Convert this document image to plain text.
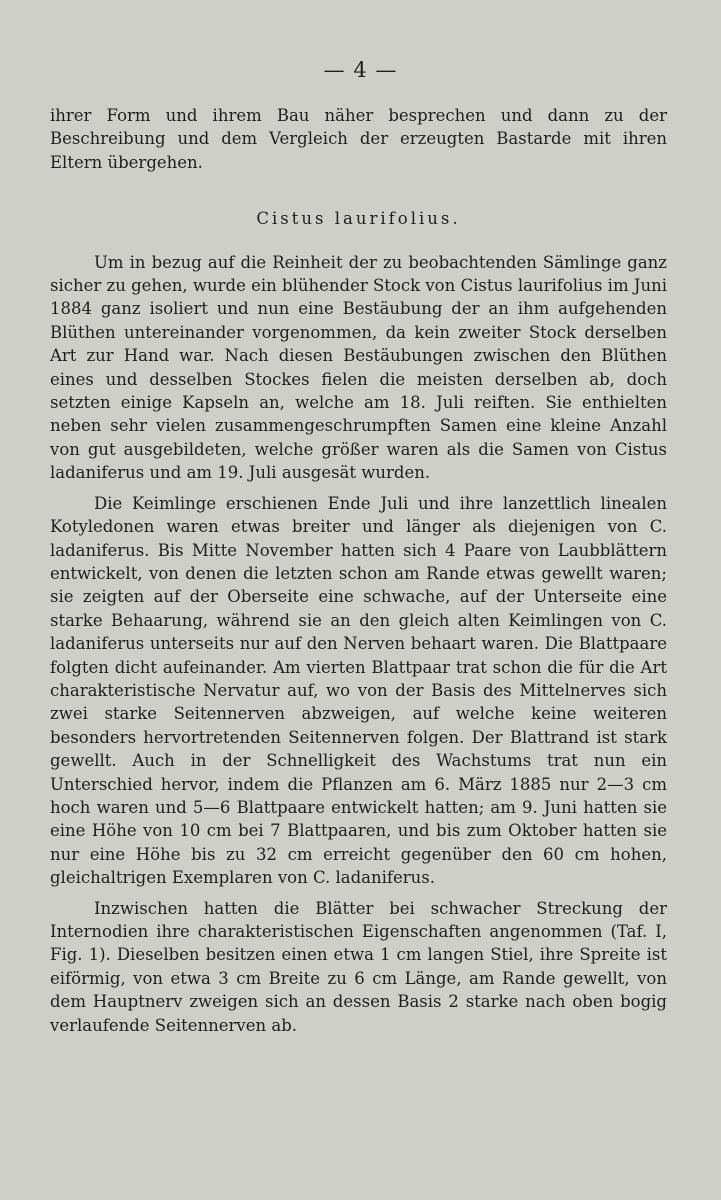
— 4 —

ihrer Form und ihrem Bau näher besprechen und dann zu der Beschreibung und dem Vergleich der erzeugten Bastarde mit ihren Eltern übergehen.

Cistus laurifolius.

Um in bezug auf die Reinheit der zu beobachtenden Sämlinge ganz sicher zu gehen, wurde ein blühender Stock von Cistus laurifolius im Juni 1884 ganz isoliert und nun eine Bestäubung der an ihm aufgehenden Blüthen untereinander vorgenommen, da kein zweiter Stock derselben Art zur Hand war. Nach diesen Bestäubungen zwischen den Blüthen eines und desselben Stockes fielen die meisten derselben ab, doch setzten einige Kapseln an, welche am 18. Juli reiften. Sie enthielten neben sehr vielen zusammengeschrumpften Samen eine kleine Anzahl von gut ausgebildeten, welche größer waren als die Samen von Cistus ladaniferus und am 19. Juli ausgesät wurden.

Die Keimlinge erschienen Ende Juli und ihre lanzettlich linealen Kotyledonen waren etwas breiter und länger als diejenigen von C. ladaniferus. Bis Mitte November hatten sich 4 Paare von Laubblättern entwickelt, von denen die letzten schon am Rande etwas gewellt waren; sie zeigten auf der Oberseite eine schwache, auf der Unterseite eine starke Behaarung, während sie an den gleich alten Keimlingen von C. ladaniferus unterseits nur auf den Nerven behaart waren. Die Blattpaare folgten dicht aufeinander. Am vierten Blattpaar trat schon die für die Art charakteristische Nervatur auf, wo von der Basis des Mittelnerves sich zwei starke Seitennerven abzweigen, auf welche keine weiteren besonders hervortretenden Seitennerven folgen. Der Blattrand ist stark gewellt. Auch in der Schnelligkeit des Wachstums trat nun ein Unterschied hervor, indem die Pflanzen am 6. März 1885 nur 2—3 cm hoch waren und 5—6 Blattpaare entwickelt hatten; am 9. Juni hatten sie eine Höhe von 10 cm bei 7 Blattpaaren, und bis zum Oktober hatten sie nur eine Höhe bis zu 32 cm erreicht gegenüber den 60 cm hohen, gleichaltrigen Exemplaren von C. ladaniferus.

Inzwischen hatten die Blätter bei schwacher Streckung der Internodien ihre charakteristischen Eigenschaften angenommen (Taf. I, Fig. 1). Dieselben besitzen einen etwa 1 cm langen Stiel, ihre Spreite ist eiförmig, von etwa 3 cm Breite zu 6 cm Länge, am Rande gewellt, von dem Hauptnerv zweigen sich an dessen Basis 2 starke nach oben bogig verlaufende Seitennerven ab.
